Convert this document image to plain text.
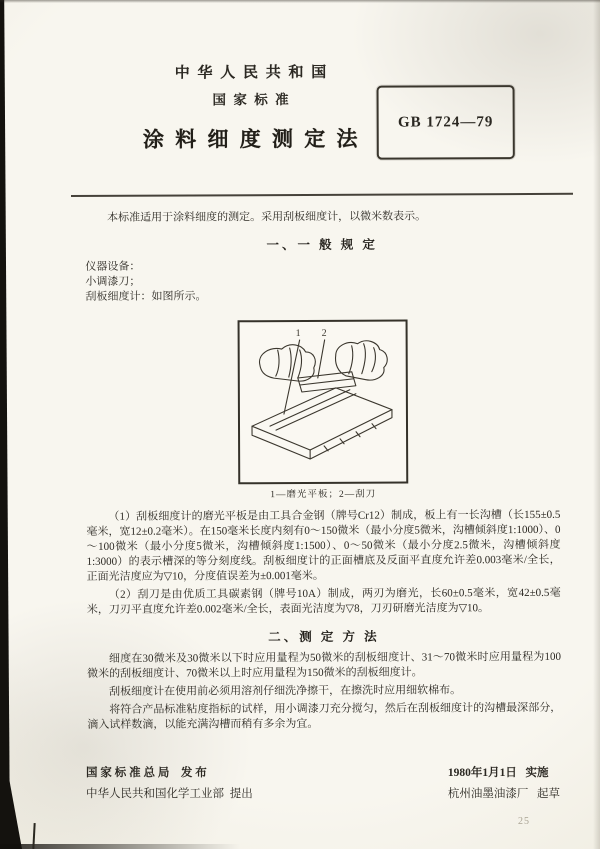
中 华 人 民 共 和 国
国 家 标 准
涂 料 细 度 测 定 法
GB 1724—79

本标准适用于涂料细度的测定。采用刮板细度计，以微米数表示。

一、一 般 规 定

仪器设备：

小调漆刀；

刮板细度计：如图所示。

1 2
1—磨光平板；2—刮刀

（1）刮板细度计的磨光平板是由工具合金钢（牌号Cr12）制成，板上有一长沟槽（长155±0.5毫米，宽12±0.2毫米）。在150毫米长度内刻有0～150微米（最小分度5微米，沟槽倾斜度1:1000）、0～100微米（最小分度5微米，沟槽倾斜度1:1500）、0～50微米（最小分度2.5微米，沟槽倾斜度1:3000）的表示槽深的等分刻度线。刮板细度计的正面槽底及反面平直度允许差0.003毫米/全长，正面光洁度应为▽10，分度值误差为±0.001毫米。

（2）刮刀是由优质工具碳素钢（牌号10A）制成，两刃为磨光，长60±0.5毫米，宽42±0.5毫米，刀刃平直度允许差0.002毫米/全长，表面光洁度为▽8，刀刃研磨光洁度为▽10。

二、测 定 方 法

细度在30微米及30微米以下时应用量程为50微米的刮板细度计、31～70微米时应用量程为100微米的刮板细度计、70微米以上时应用量程为150微米的刮板细度计。

刮板细度计在使用前必须用溶剂仔细洗净擦干，在擦洗时应用细软棉布。

将符合产品标准粘度指标的试样，用小调漆刀充分搅匀，然后在刮板细度计的沟槽最深部分，滴入试样数滴，以能充满沟槽而稍有多余为宜。

国 家 标 准 总 局    发 布
中华人民共和国化学工业部  提出
1980年1月1日   实施
杭州油墨油漆厂   起草
25
